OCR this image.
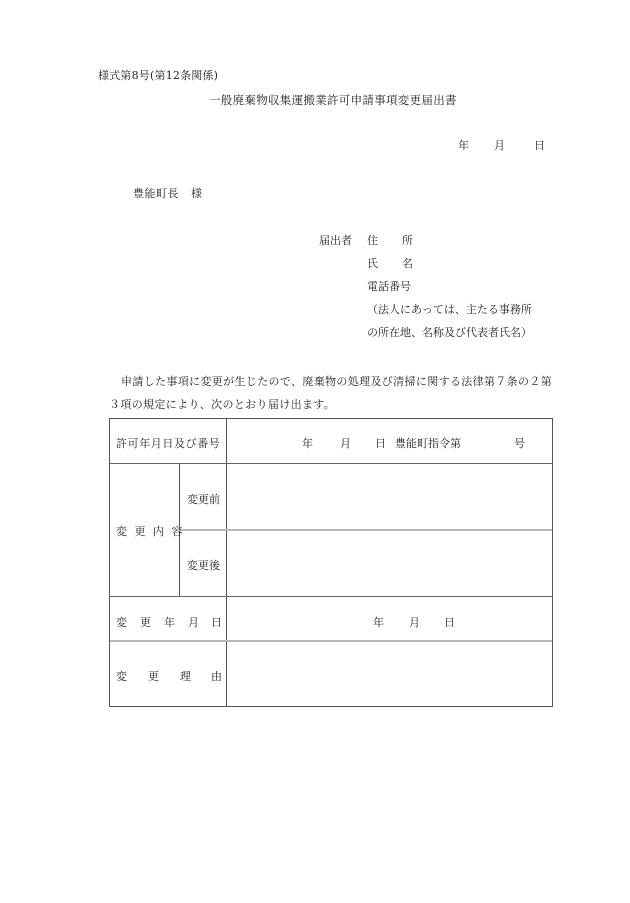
様式第8号(第12条関係)
一般廃棄物収集運搬業許可申請事項変更届出書
年 月	日
豊能町長 様
届出者 住 所
氏 名
電話番号
（法人にあっては、主たる事務所
の所在地、名称及び代表者氏名）
申請した事項に変更が生じたので、廃棄物の処理及び清掃に関する法律第７条の２第
３項の規定により、次のとおり届け出ます。
許可年月日及び番号	年 月 日 豊能町指令第	号
変 更 内 容
変更前
変更後
変 更 年 月 日	年 月 日
変 更 理 由
